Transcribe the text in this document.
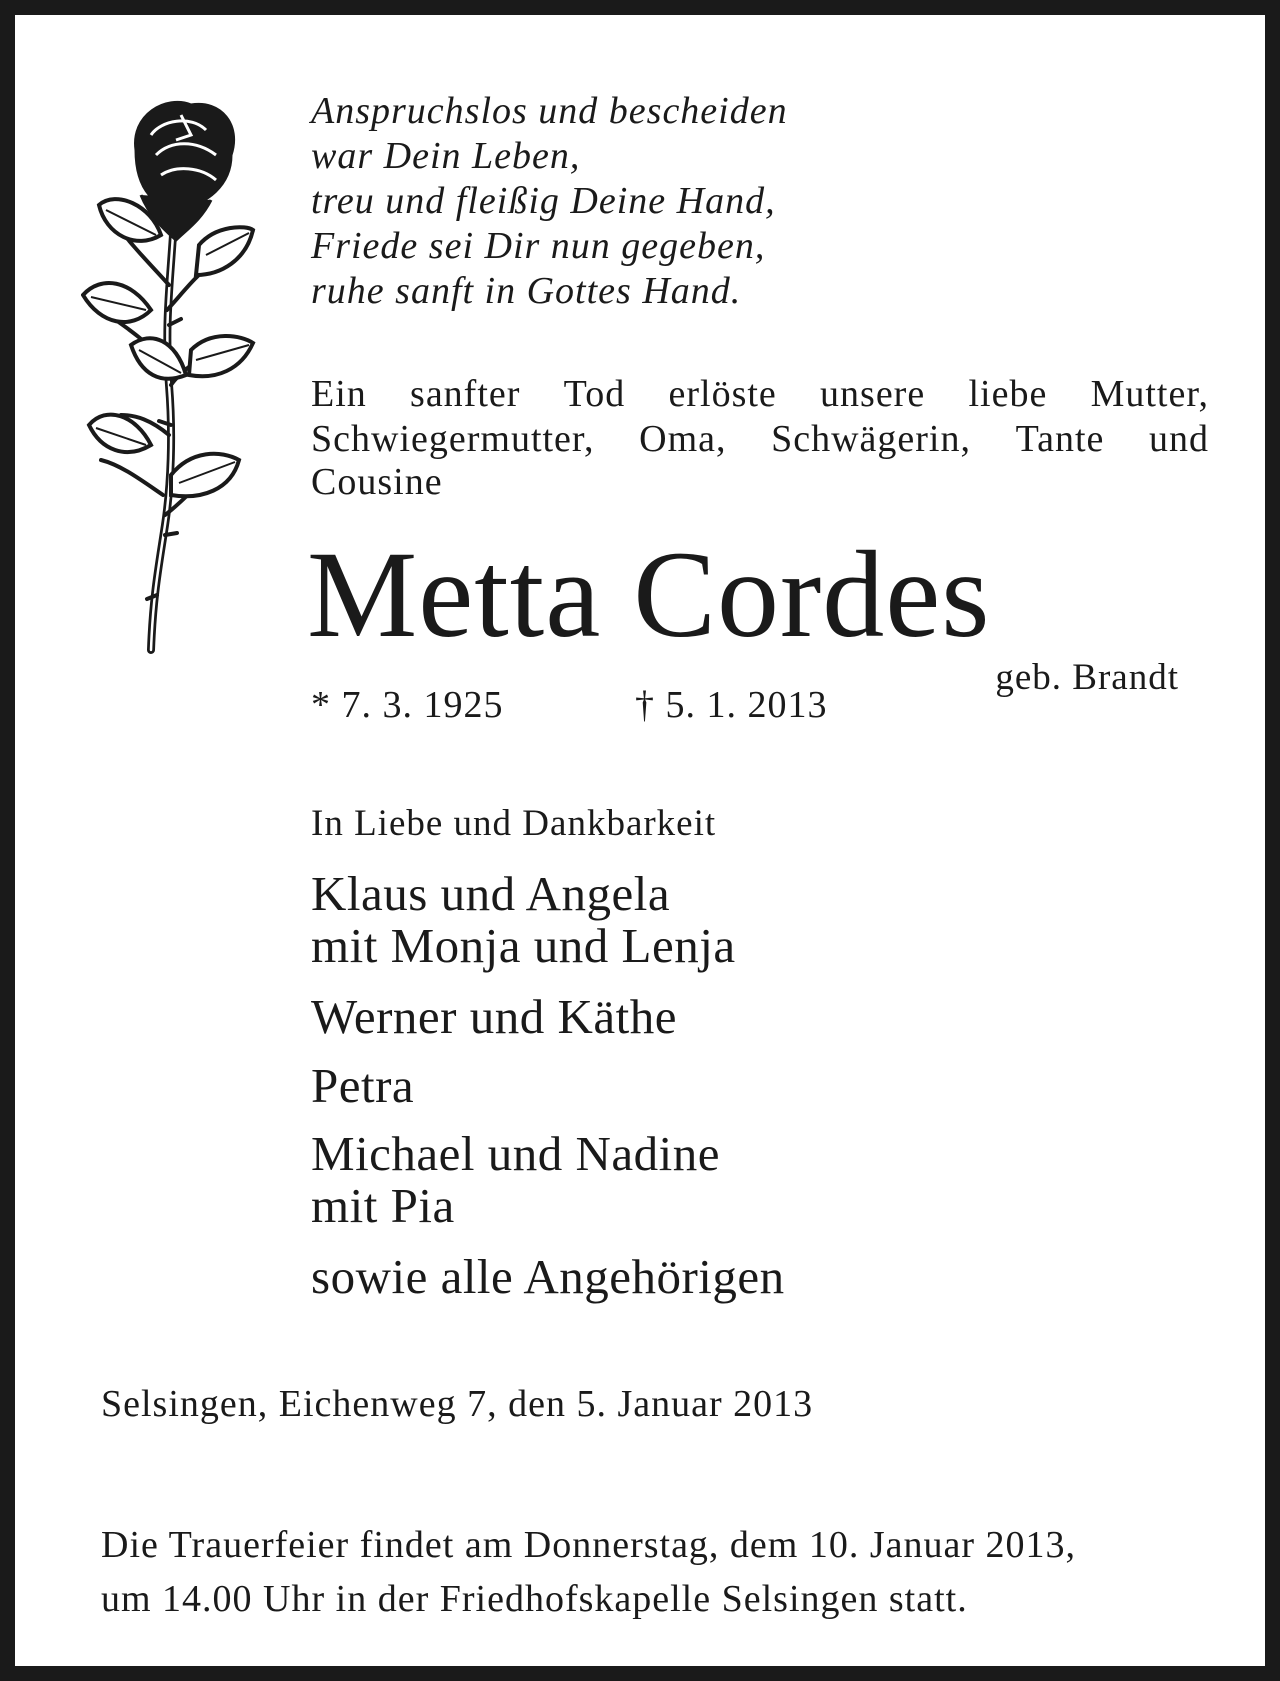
Anspruchslos und bescheiden
war Dein Leben,
treu und fleißig Deine Hand,
Friede sei Dir nun gegeben,
ruhe sanft in Gottes Hand.

Ein sanfter Tod erlöste unsere liebe Mutter,
Schwiegermutter, Oma, Schwägerin, Tante und
Cousine
Metta Cordes
geb. Brandt
* 7. 3. 1925	† 5. 1. 2013
In Liebe und Dankbarkeit
Klaus und Angela
mit Monja und Lenja
Werner und Käthe
Petra
Michael und Nadine
mit Pia
sowie alle Angehörigen
Selsingen, Eichenweg 7, den 5. Januar 2013
Die Trauerfeier findet am Donnerstag, dem 10. Januar 2013,
um 14.00 Uhr in der Friedhofskapelle Selsingen statt.
